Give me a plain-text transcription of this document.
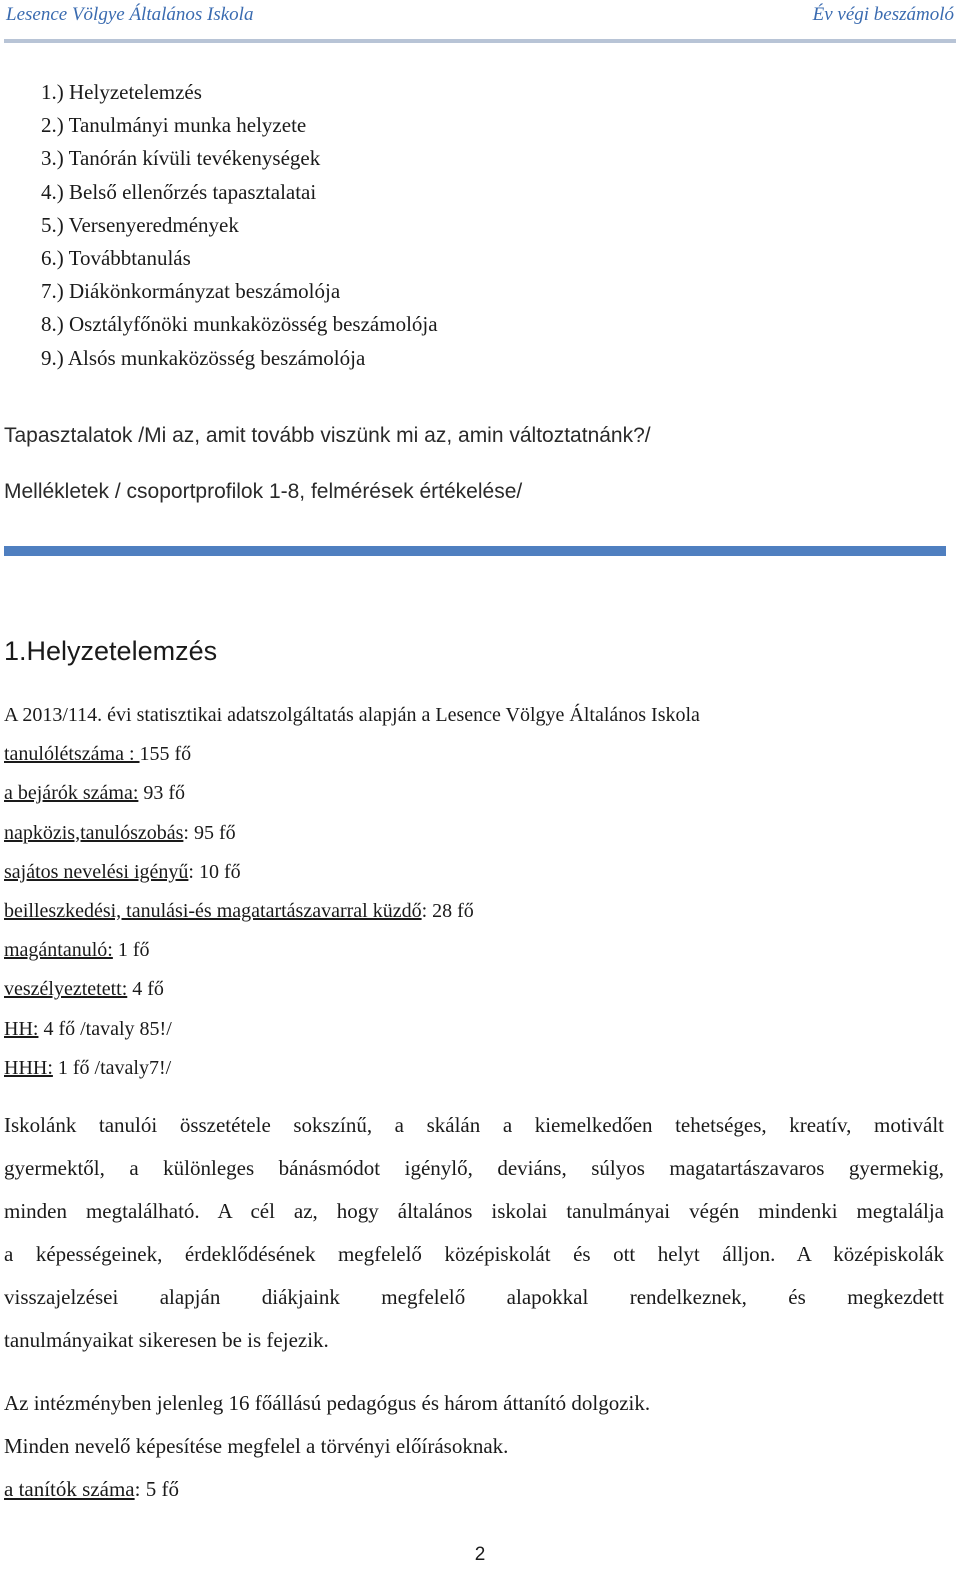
Lesence Völgye Általános Iskola	Év végi beszámoló
1.) Helyzetelemzés
2.) Tanulmányi munka helyzete
3.) Tanórán kívüli tevékenységek
4.) Belső ellenőrzés tapasztalatai
5.) Versenyeredmények
6.) Továbbtanulás
7.) Diákönkormányzat beszámolója
8.) Osztályfőnöki munkaközösség beszámolója
9.) Alsós munkaközösség beszámolója
Tapasztalatok /Mi az, amit tovább viszünk mi az, amin változtatnánk?/
Mellékletek / csoportprofilok 1-8, felmérések értékelése/
1.Helyzetelemzés
A 2013/114. évi statisztikai adatszolgáltatás alapján a Lesence Völgye Általános Iskola
tanulólétszáma : 155 fő
a bejárók száma: 93 fő
napközis,tanulószobás: 95 fő
sajátos nevelési igényű: 10 fő
beilleszkedési, tanulási-és magatartászavarral küzdő: 28 fő
magántanuló: 1 fő
veszélyeztetett: 4 fő
HH: 4 fő /tavaly 85!/
HHH: 1 fő /tavaly7!/
Iskolánk tanulói összetétele sokszínű, a skálán a kiemelkedően tehetséges, kreatív, motivált
gyermektől, a különleges bánásmódot igénylő, deviáns, súlyos magatartászavaros gyermekig,
minden megtalálható. A cél az, hogy általános iskolai tanulmányai végén mindenki megtalálja
a képességeinek, érdeklődésének megfelelő középiskolát és ott helyt álljon. A középiskolák
visszajelzései alapján diákjaink megfelelő alapokkal rendelkeznek, és megkezdett
tanulmányaikat sikeresen be is fejezik.
Az intézményben jelenleg 16 főállású pedagógus és három áttanító dolgozik.
Minden nevelő képesítése megfelel a törvényi előírásoknak.
a tanítók száma: 5 fő
2
